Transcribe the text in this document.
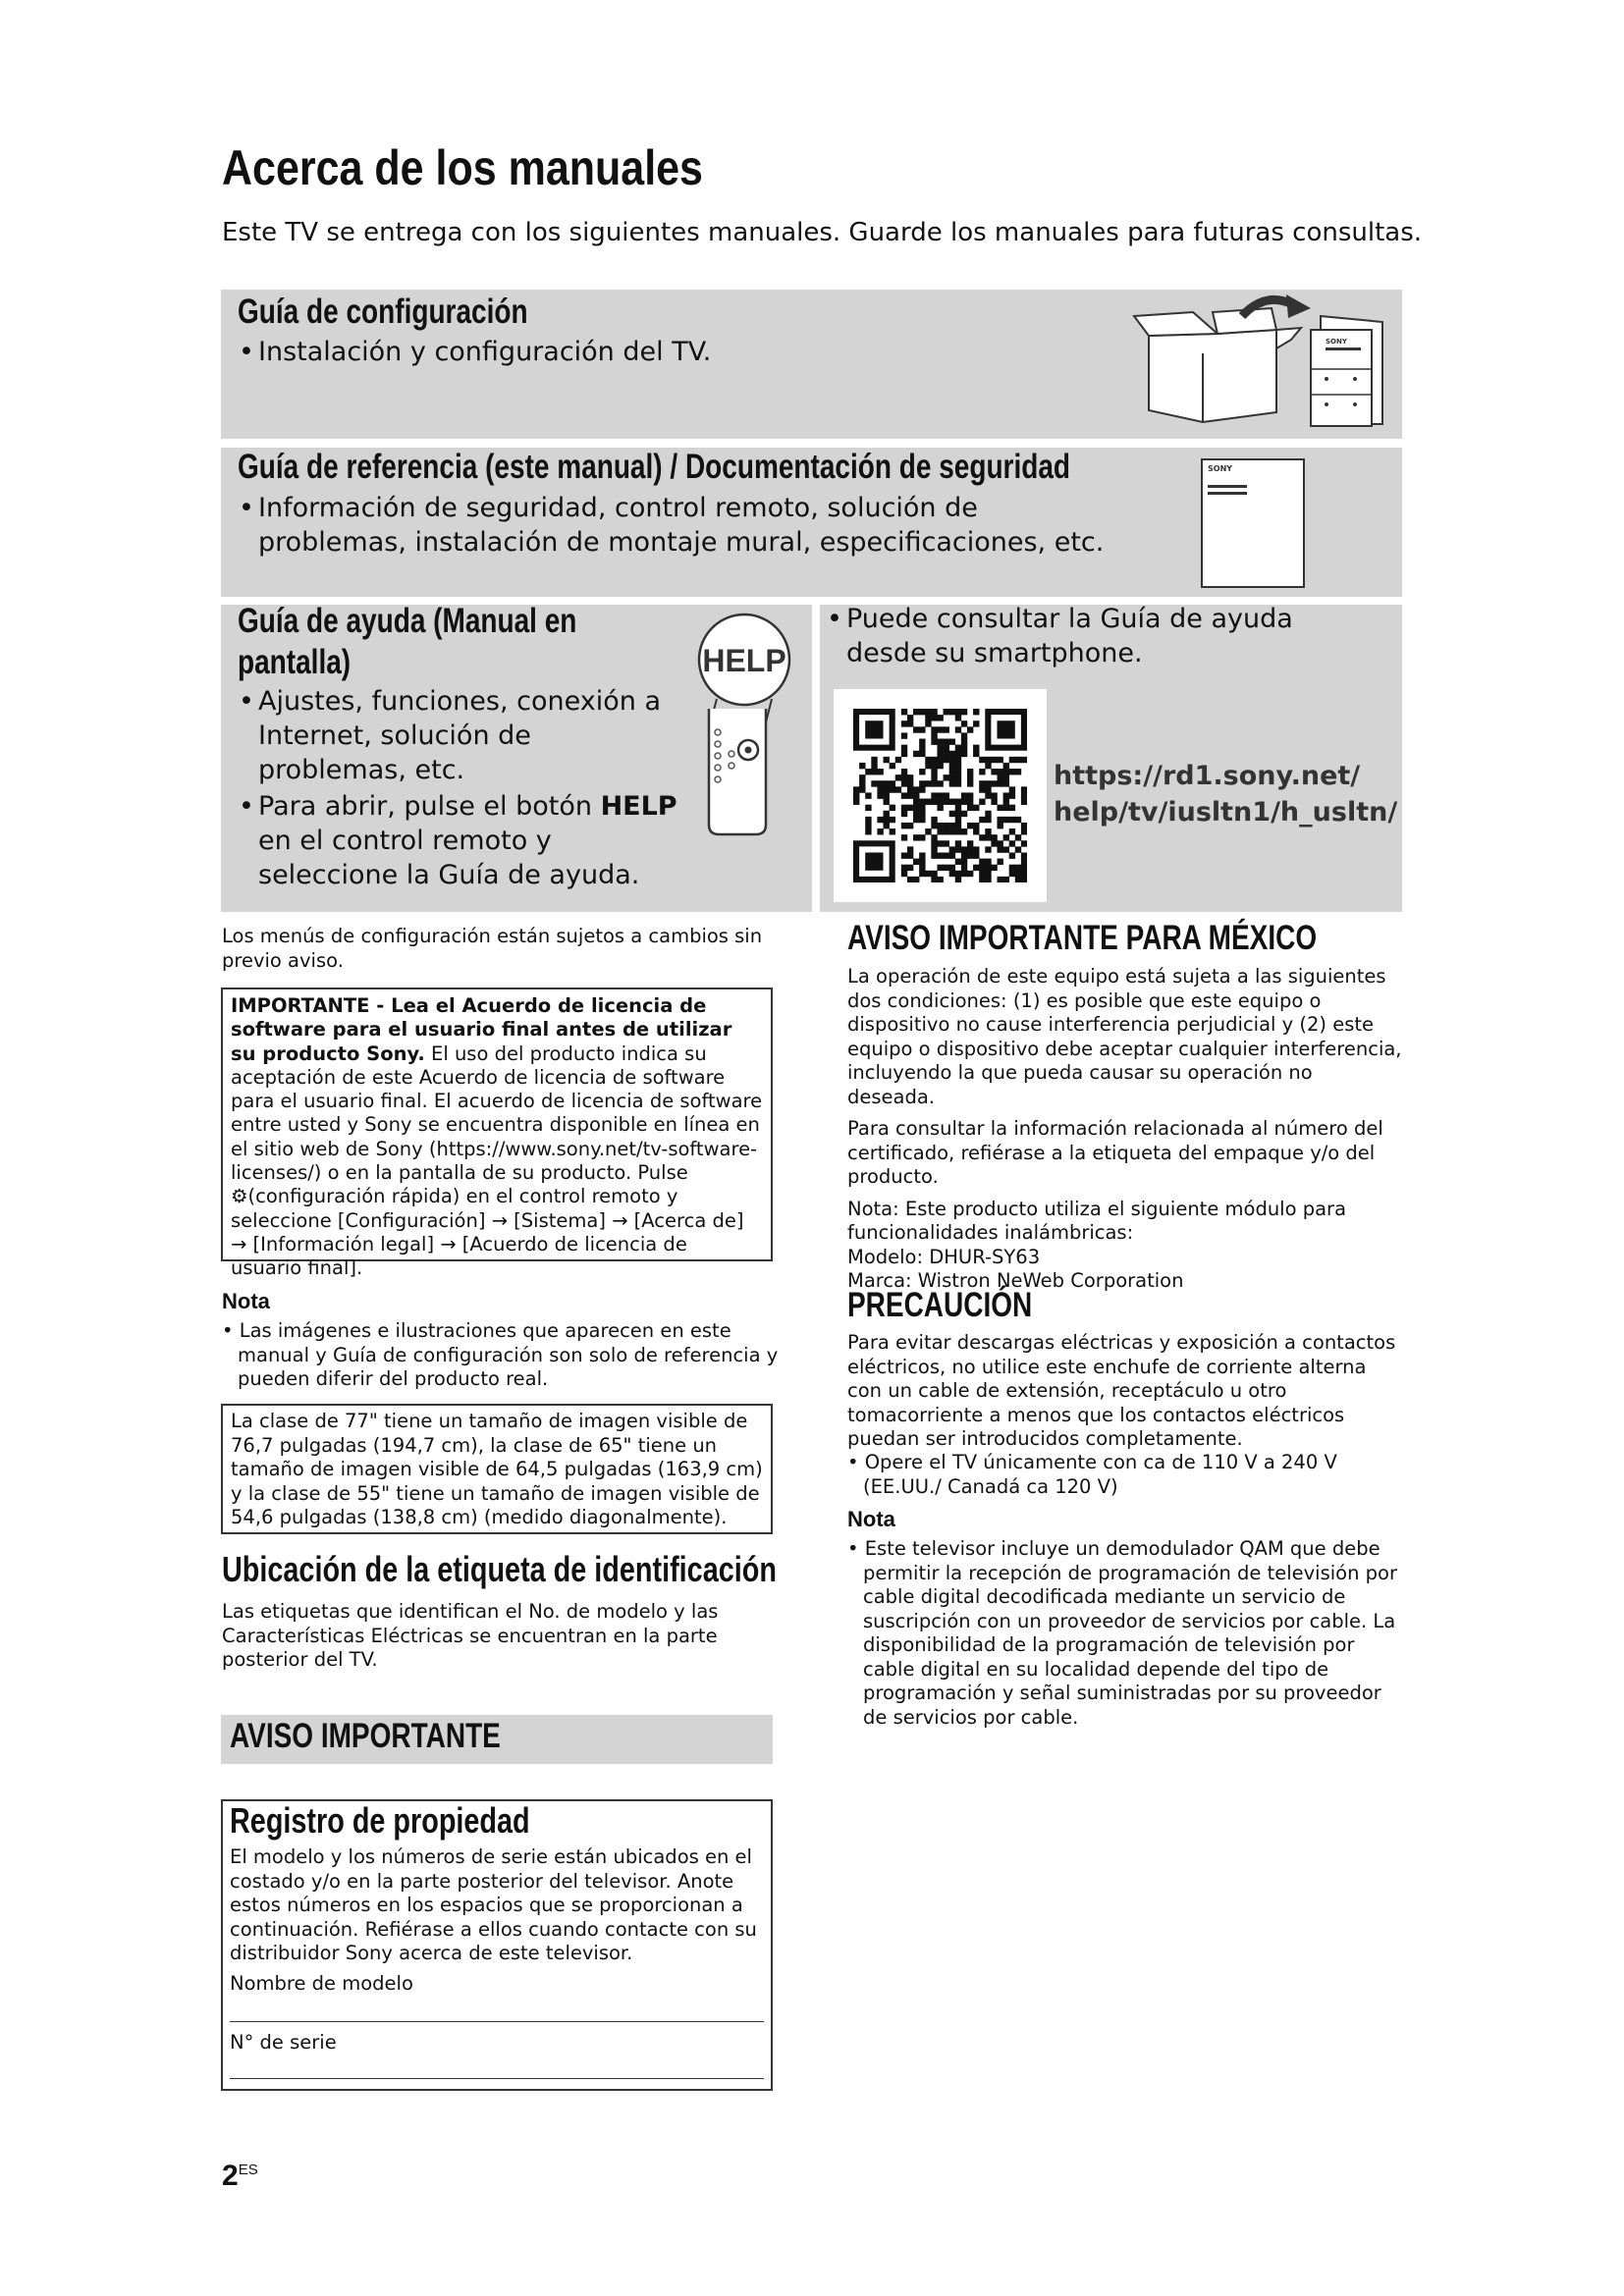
Acerca de los manuales
Este TV se entrega con los siguientes manuales. Guarde los manuales para futuras consultas.
Guía de configuración
• Instalación y configuración del TV.	SONY
Guía de referencia (este manual) / Documentación de seguridad
• Información de seguridad, control remoto, solución de problemas, instalación de montaje mural, especificaciones, etc.
SONY
Guía de ayuda (Manual en
pantalla)
• Ajustes, funciones, conexión a Internet, solución de problemas, etc.
• Para abrir, pulse el botón HELP en el control remoto y seleccione la Guía de ayuda.
HELP
• Puede consultar la Guía de ayuda desde su smartphone.
https://rd1.sony.net/
help/tv/iusltn1/h_usltn/
Los menús de configuración están sujetos a cambios sin previo aviso.
IMPORTANTE - Lea el Acuerdo de licencia de software para el usuario final antes de utilizar su producto Sony. El uso del producto indica su aceptación de este Acuerdo de licencia de software para el usuario final. El acuerdo de licencia de software entre usted y Sony se encuentra disponible en línea en el sitio web de Sony (https://www.sony.net/tv-software-licenses/) o en la pantalla de su producto. Pulse ⚙(configuración rápida) en el control remoto y seleccione [Configuración] → [Sistema] → [Acerca de] → [Información legal] → [Acuerdo de licencia de usuario final].
Nota
• Las imágenes e ilustraciones que aparecen en este manual y Guía de configuración son solo de referencia y pueden diferir del producto real.
La clase de 77" tiene un tamaño de imagen visible de 76,7 pulgadas (194,7 cm), la clase de 65" tiene un tamaño de imagen visible de 64,5 pulgadas (163,9 cm) y la clase de 55" tiene un tamaño de imagen visible de 54,6 pulgadas (138,8 cm) (medido diagonalmente).
Ubicación de la etiqueta de identificación
Las etiquetas que identifican el No. de modelo y las Características Eléctricas se encuentran en la parte posterior del TV.
AVISO IMPORTANTE
Registro de propiedad
El modelo y los números de serie están ubicados en el costado y/o en la parte posterior del televisor. Anote estos números en los espacios que se proporcionan a continuación. Refiérase a ellos cuando contacte con su distribuidor Sony acerca de este televisor.
Nombre de modelo
N° de serie
AVISO IMPORTANTE PARA MÉXICO

La operación de este equipo está sujeta a las siguientes dos condiciones: (1) es posible que este equipo o dispositivo no cause interferencia perjudicial y (2) este equipo o dispositivo debe aceptar cualquier interferencia, incluyendo la que pueda causar su operación no deseada.

Para consultar la información relacionada al número del certificado, refiérase a la etiqueta del empaque y/o del producto.

Nota: Este producto utiliza el siguiente módulo para funcionalidades inalámbricas:

Modelo: DHUR-SY63

Marca: Wistron NeWeb Corporation

PRECAUCIÓN
Para evitar descargas eléctricas y exposición a contactos eléctricos, no utilice este enchufe de corriente alterna con un cable de extensión, receptáculo u otro tomacorriente a menos que los contactos eléctricos puedan ser introducidos completamente.
• Opere el TV únicamente con ca de 110 V a 240 V (EE.UU./ Canadá ca 120 V)
Nota
• Este televisor incluye un demodulador QAM que debe permitir la recepción de programación de televisión por cable digital decodificada mediante un servicio de suscripción con un proveedor de servicios por cable. La disponibilidad de la programación de televisión por cable digital en su localidad depende del tipo de programación y señal suministradas por su proveedor de servicios por cable.
$2^{ES}$
